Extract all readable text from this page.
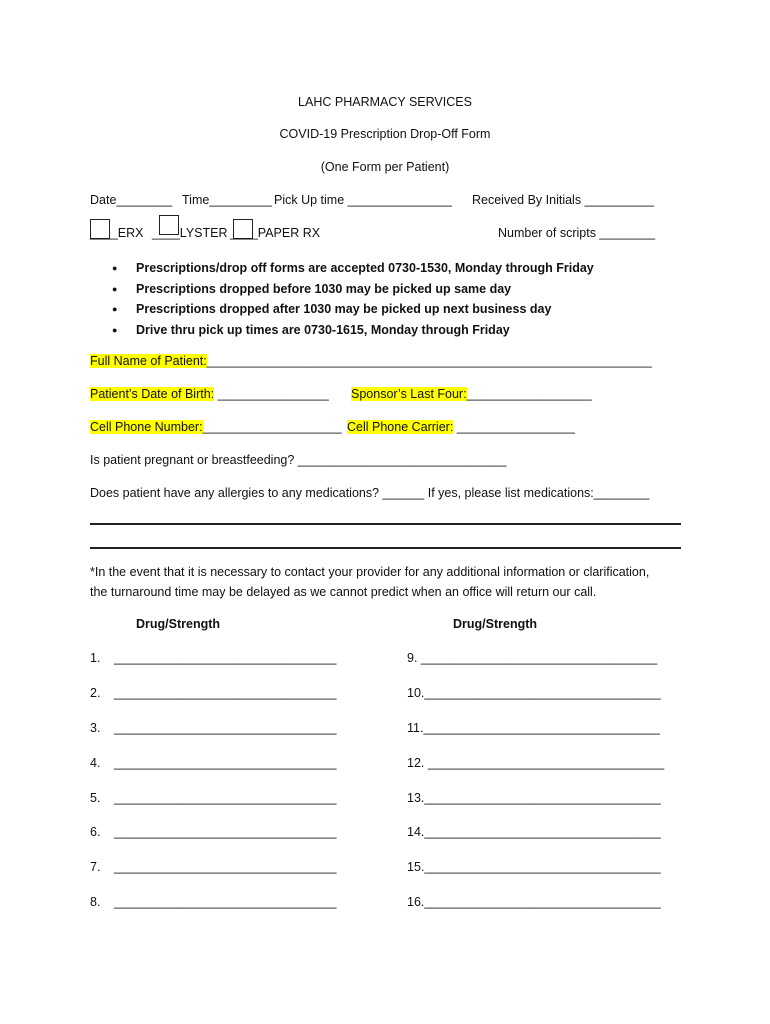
LAHC PHARMACY SERVICES
COVID-19 Prescription Drop-Off Form
(One Form per Patient)
Date________ Time_________ Pick Up time _______________ Received By Initials __________
____ERX ____LYSTER ____PAPER RX	Number of scripts ________
● Prescriptions/drop off forms are accepted 0730-1530, Monday through Friday
● Prescriptions dropped before 1030 may be picked up same day
● Prescriptions dropped after 1030 may be picked up next business day
● Drive thru pick up times are 0730-1615, Monday through Friday
Full Name of Patient:________________________________________________________________
Patient’s Date of Birth: ________________ Sponsor’s Last Four:__________________
Cell Phone Number:____________________ Cell Phone Carrier: _________________
Is patient pregnant or breastfeeding? ______________________________
Does patient have any allergies to any medications? ______ If yes, please list medications:________
*In the event that it is necessary to contact your provider for any additional information or clarification,
the turnaround time may be delayed as we cannot predict when an office will return our call.
Drug/Strength	Drug/Strength
1. ________________________________
2. ________________________________
3. ________________________________
4. ________________________________
5. ________________________________
6. ________________________________
7. ________________________________
8. ________________________________
9. __________________________________
10.__________________________________
11.__________________________________
12. __________________________________
13.__________________________________
14.__________________________________
15.__________________________________
16.__________________________________
